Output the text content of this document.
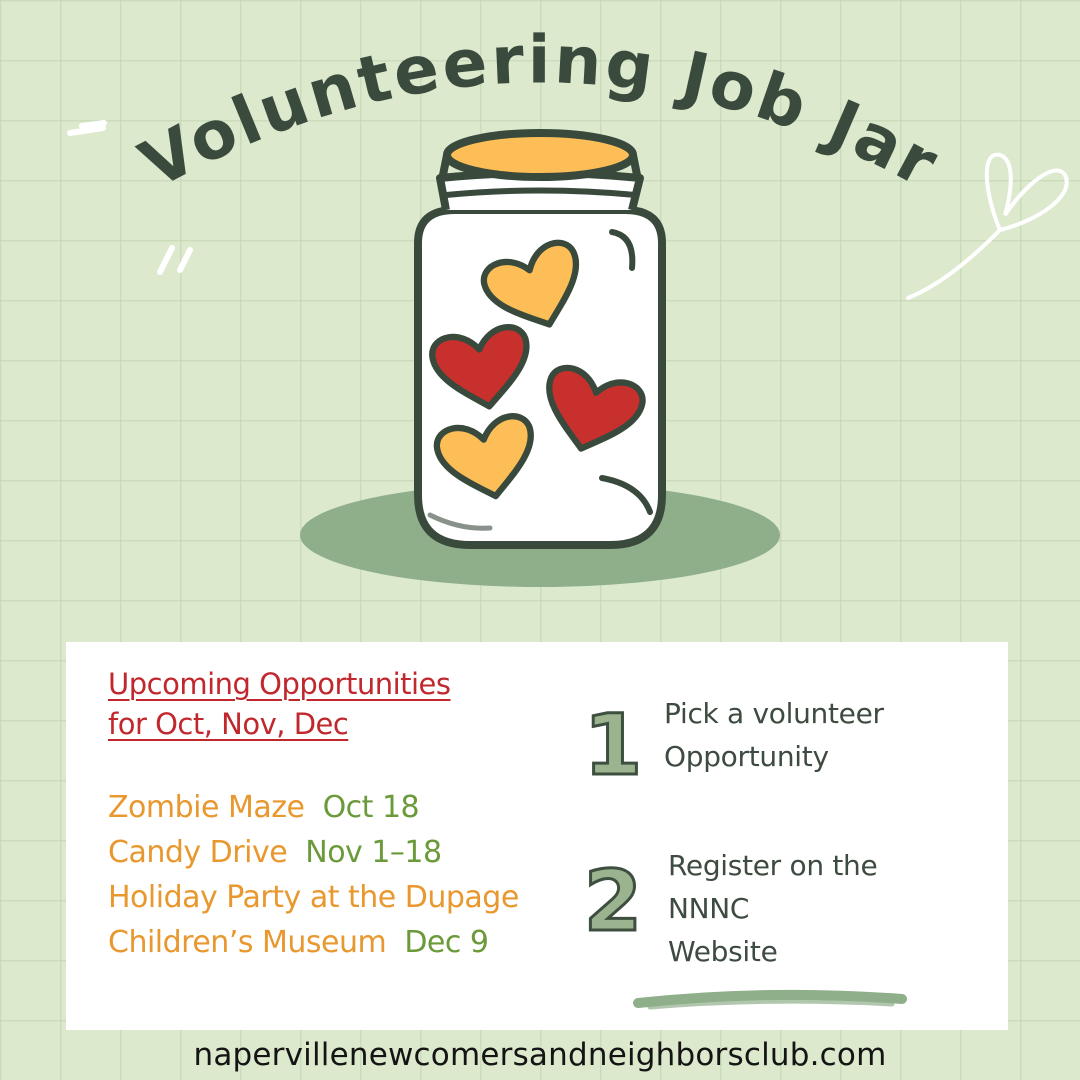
Volunteering Job Jar
Upcoming Opportunities
for Oct, Nov, Dec
Zombie Maze Oct 18
Candy Drive Nov 1–18
Holiday Party at the Dupage Children’s Museum Dec 9
1 Pick a volunteer
Opportunity
2 Register on the
NNNC
Website
napervillenewcomersandneighborsclub.com
